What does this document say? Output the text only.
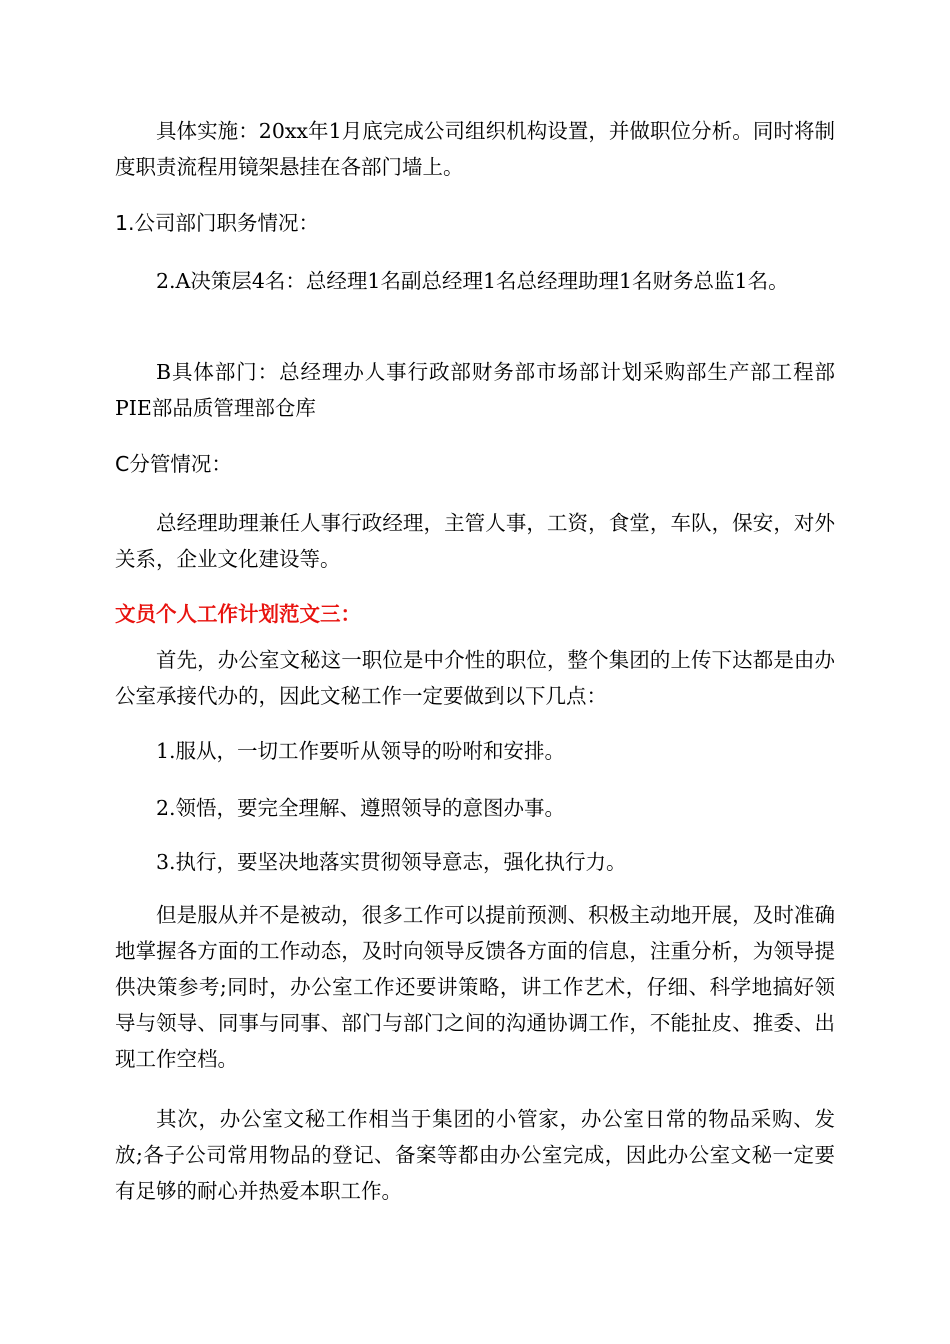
具体实施：20xx年1月底完成公司组织机构设置，并做职位分析。同时将制度职责流程用镜架悬挂在各部门墙上。

1.公司部门职务情况：

2.A决策层4名：总经理1名副总经理1名总经理助理1名财务总监1名。

B具体部门：总经理办人事行政部财务部市场部计划采购部生产部工程部PIE部品质管理部仓库

C分管情况：

总经理助理兼任人事行政经理，主管人事，工资，食堂，车队，保安，对外关系，企业文化建设等。

文员个人工作计划范文三：

首先，办公室文秘这一职位是中介性的职位，整个集团的上传下达都是由办公室承接代办的，因此文秘工作一定要做到以下几点：

1.服从，一切工作要听从领导的吩咐和安排。

2.领悟，要完全理解、遵照领导的意图办事。

3.执行，要坚决地落实贯彻领导意志，强化执行力。

但是服从并不是被动，很多工作可以提前预测、积极主动地开展，及时准确地掌握各方面的工作动态，及时向领导反馈各方面的信息，注重分析，为领导提供决策参考;同时，办公室工作还要讲策略，讲工作艺术，仔细、科学地搞好领导与领导、同事与同事、部门与部门之间的沟通协调工作，不能扯皮、推委、出现工作空档。

其次，办公室文秘工作相当于集团的小管家，办公室日常的物品采购、发放;各子公司常用物品的登记、备案等都由办公室完成，因此办公室文秘一定要有足够的耐心并热爱本职工作。
